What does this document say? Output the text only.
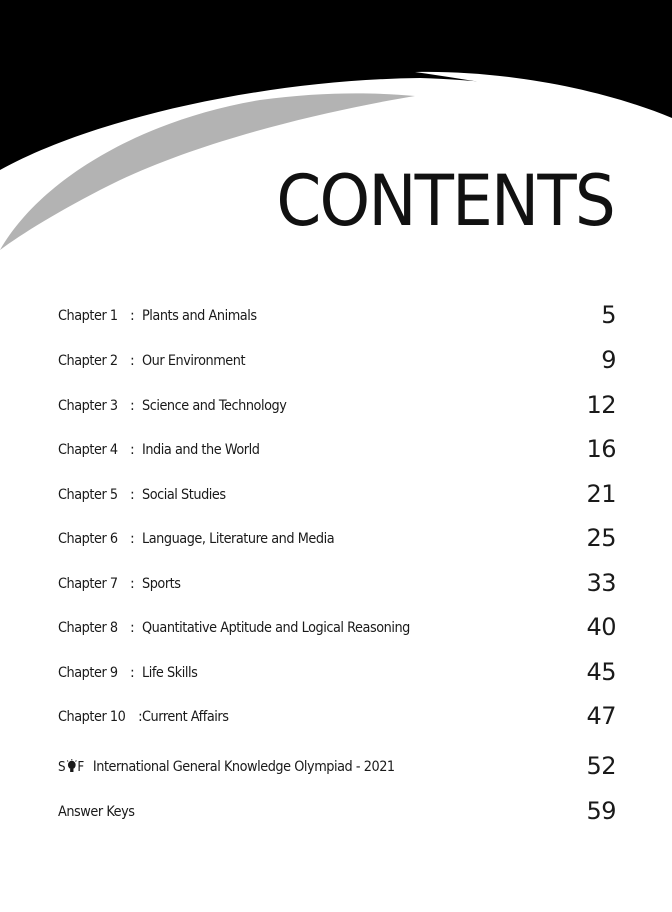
CONTENTS
Chapter 1 : Plants and Animals	5
Chapter 2 : Our Environment	9
Chapter 3 : Science and Technology	12
Chapter 4 : India and the World	16
Chapter 5 : Social Studies	21
Chapter 6 : Language, Literature and Media	25
Chapter 7 : Sports	33
Chapter 8 : Quantitative Aptitude and Logical Reasoning	40
Chapter 9 : Life Skills	45
Chapter 10 : Current Affairs	47
S F International General Knowledge Olympiad - 2021	52
Answer Keys	59
